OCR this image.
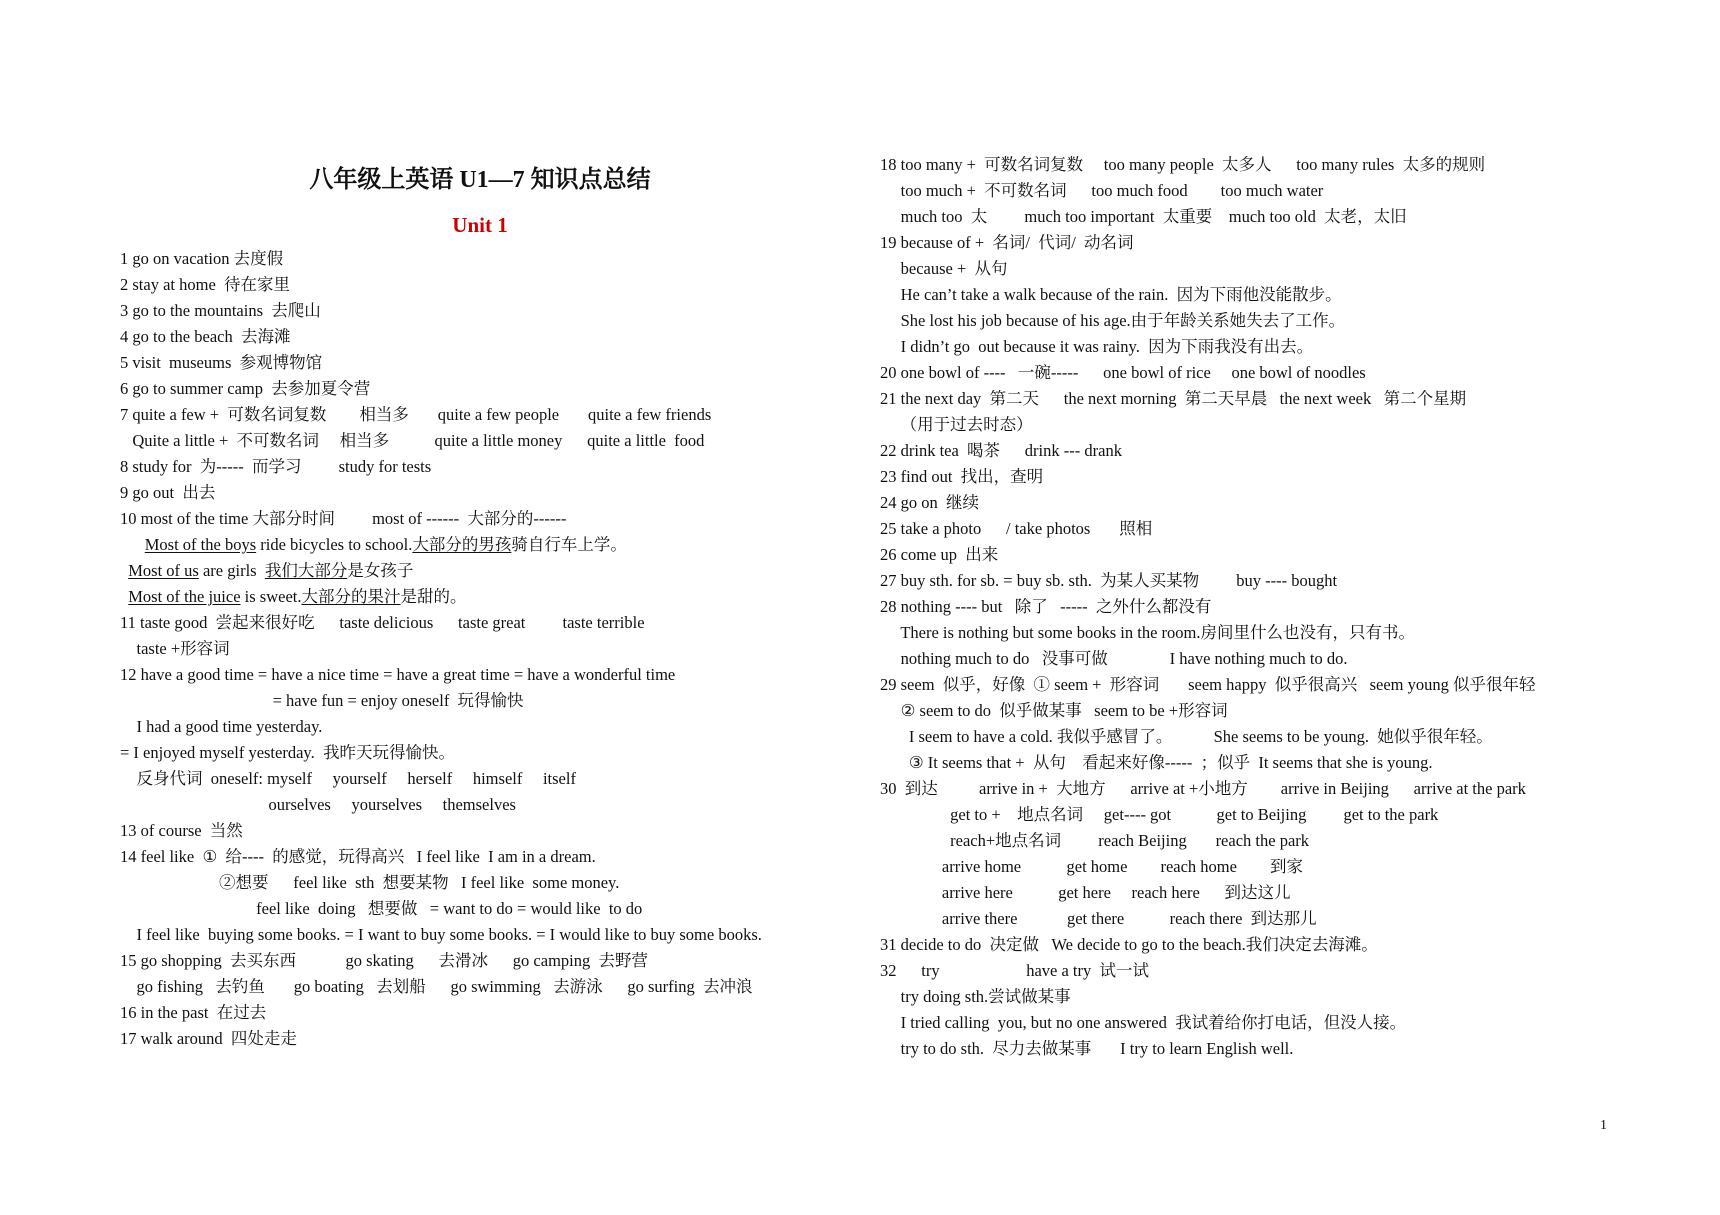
八年级上英语 U1—7 知识点总结
Unit 1
1 go on vacation 去度假
2 stay at home  待在家里
3 go to the mountains  去爬山
4 go to the beach  去海滩
5 visit  museums  参观博物馆
6 go to summer camp  去参加夏令营
7 quite a few +  可数名词复数        相当多       quite a few people       quite a few friends
Quite a little +  不可数名词     相当多           quite a little money      quite a little  food
8 study for  为-----  而学习         study for tests
9 go out  出去
10 most of the time 大部分时间         most of ------  大部分的------
Most of the boys ride bicycles to school.大部分的男孩骑自行车上学。
Most of us are girls  我们大部分是女孩子
Most of the juice is sweet.大部分的果汁是甜的。
11 taste good  尝起来很好吃      taste delicious      taste great         taste terrible
taste +形容词
12 have a good time = have a nice time = have a great time = have a wonderful time
= have fun = enjoy oneself  玩得愉快
I had a good time yesterday.
= I enjoyed myself yesterday.  我昨天玩得愉快。
反身代词  oneself: myself     yourself     herself     himself     itself
ourselves     yourselves     themselves
13 of course  当然
14 feel like  ①  给----  的感觉，玩得高兴   I feel like  I am in a dream.
②想要      feel like  sth  想要某物   I feel like  some money.
feel like  doing   想要做   = want to do = would like  to do
I feel like  buying some books. = I want to buy some books. = I would like to buy some books.
15 go shopping  去买东西            go skating      去滑冰      go camping  去野营
go fishing   去钓鱼       go boating   去划船      go swimming   去游泳      go surfing  去冲浪
16 in the past  在过去
17 walk around  四处走走
18 too many +  可数名词复数     too many people  太多人      too many rules  太多的规则
too much +  不可数名词      too much food        too much water
much too  太         much too important  太重要    much too old  太老，太旧
19 because of +  名词/  代词/  动名词
because +  从句
He can’t take a walk because of the rain.  因为下雨他没能散步。
She lost his job because of his age.由于年龄关系她失去了工作。
I didn’t go  out because it was rainy.  因为下雨我没有出去。
20 one bowl of ----   一碗-----      one bowl of rice     one bowl of noodles
21 the next day  第二天      the next morning  第二天早晨   the next week   第二个星期
（用于过去时态）
22 drink tea  喝茶      drink --- drank
23 find out  找出，查明
24 go on  继续
25 take a photo      / take photos       照相
26 come up  出来
27 buy sth. for sb. = buy sb. sth.  为某人买某物         buy ---- bought
28 nothing ---- but   除了   -----  之外什么都没有
There is nothing but some books in the room.房间里什么也没有，只有书。
nothing much to do   没事可做               I have nothing much to do.
29 seem  似乎，好像  ① seem +  形容词       seem happy  似乎很高兴   seem young 似乎很年轻
② seem to do  似乎做某事   seem to be +形容词
I seem to have a cold. 我似乎感冒了。          She seems to be young.  她似乎很年轻。
③ It seems that +  从句    看起来好像-----  ；似乎  It seems that she is young.
30  到达          arrive in +  大地方      arrive at +小地方        arrive in Beijing      arrive at the park
get to +    地点名词     get---- got           get to Beijing         get to the park
reach+地点名词         reach Beijing       reach the park
arrive home           get home        reach home        到家
arrive here           get here     reach here      到达这儿
arrive there            get there           reach there  到达那儿
31 decide to do  决定做   We decide to go to the beach.我们决定去海滩。
32      try                     have a try  试一试
try doing sth.尝试做某事
I tried calling  you, but no one answered  我试着给你打电话，但没人接。
try to do sth.  尽力去做某事       I try to learn English well.
1
